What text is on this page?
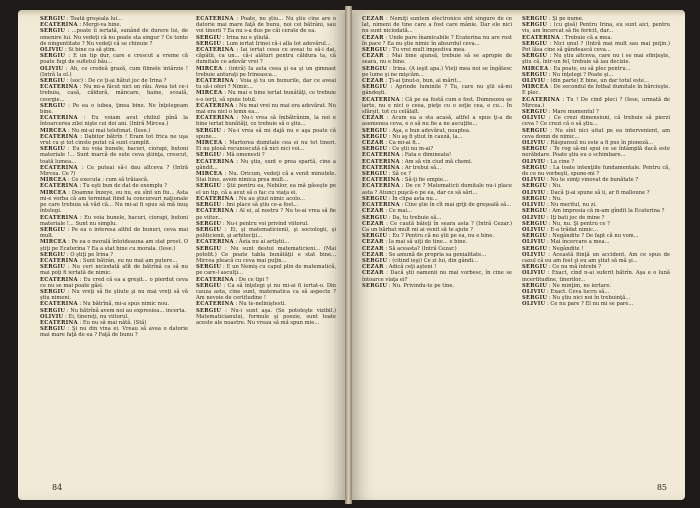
SERGIU : Toată greşeala lui...

ECATERINA : Mergi-va bine.

SERGIU : ...poate îi iertată, sunând de durere lui, de omenire lui. Nu vedeţi că nu poate sta singur ? Ce tonte de ningentitate ? Nu vedeţi că se chinuie ?

OLIVIU : Si bine ca să ştim.

SERGIU : E un tip dur, care e crescut a vreme că poate fugi de sufletul bău...

OLIVIU : Ah, ce credeă grază, cum filmele intârzie ! (Intră la el.)

SERGIU : (soc) : De ce ţi-ai hătut joc de Irina ?

ECATERINA : Nu mi-a făcut nici un rău. Avea tot ce-i trebuia, casă, căldură, mâncare, haine, scoală, ceorgie...

SERGIU : Pe ea o iubea, ţinea bine. Ne înţelegeam bine.

ECATERINA : Eu voiam avut chiliul pînă la întoarcerea zilei nişte cei doi ani. (Intră Mircea.)

MIRCEA : Nu mi-ai mai telefonat. (Iese.)

ECATERINA : Dabitor bătrîn ! Eram tot frica ne uşa vrut cu şi tot cinste putut că sunt cumplit.

SERGIU : Eu nu voia bunele, bacuri, ciorapi, butoni materiale !... Sunt marcă de sute ceva ştiinţa, crescut, toată lumea...

ECATERINA : Ce puteai să-i dau altceva ? (Intră Mircea. Ce ?)

MIRCEA : Ce executa : cum să trăiască.

ECATERINA : Tu eşti bun de dat de exemplu ?

MIRCEA : Doamne înzeye, eu nu, eu sînt un fiu... Asta mi-e vorba că am terminat fiind la concursuri naţionale pe care trebuia să văd că... Nu mi-ai fi spus să mă inuş întelegi.

ECATERINA : Eu voia bunele, bacuri, ciorapi, butoni materiale !... Sunt nu simplu.

SERGIU : Pe ea o interesa altfel de bunuri, ceva mai mult.

MIRCEA : Pe ea o morală întotdeauna am stat prost. O ştiţi pe Ecaterina ? Ea a stat bine cu morala. (Iese.)

SERGIU : O ştiţi pe Irina ?

ECATERINA : Sunt bătrân, eu nu mai am putere...

SERGIU : Nu ceri niciodată atît de bătrînă ca să nu mai poţi fi iertată de nimic.

ECATERINA : Eu cred că ea a greşit... o pierdut ceva ce nu se mai poate găsi.

SERGIU : Nu vreţi să fie ştiute şi nu mai vreţi să vă ştiu nimeni.

ECATERINA : Nu bătrînă, mi-a spus nimic nou.

SERGIU : Nu bătrînă avem noi au expresiea... incerta.

OLIVIU : Ei, tinereţi, nu viitorul.

ECATERINA : Eu nu să mai nătă. (Stă)

SERGIU : Şi nu din vina ei. Vreau să avea o datorie mai mare faţă de ea ? Faţă de bunu ?

ECATERINA : Poate, nu ştiu... Nu ştiu cine are o datorie mai mare faţă de bunu, noi cei bătrâni, sau voi tinerii ? Ea nu s-a dus pe căi cerate de ea.

SERGIU : Irina nu e ştiută.

SERGIU : Lum iertat Irinei că-i alla tot adevărul...

ECATERINA : Iai iertat ceea ce aveai tu să-i dai, căpătii, ca un... că-i alături pentru căldura ta, că dumitale ce adevăr vrei ?

MIRCEA : (intră) Ia asta ceea şi ea şi un gimnast trebuie anturaţi pe Irineasca...

ECATERINA : Voia şi tu un bunurile, dar ce aveai tu să-i oferi ? Nimic...

MIRCEA : Nu mai e bine iertat bunătăţi, ce trebuie s-o ierţi, să spuie totul.

ECATERINA : Nu mai vrei nu mai era adevărat. Nu mai era nici o lemn ea...

ECATERINA : Nu-i vrea să îmbătrânim, la noi e bine iertat bunătăţi, ce trebuie să o ştiu...

SERGIU : Nu-i vrea să mi dajă nu e aşa poate că spune...

MIRCEA : Martorea dumitale cea ei nu tot tineri. Ei nu plouă recunoscută că nici nici voi...

SERGIU : Mă omenesti ?

ECATERINA : Nu ştiu, sunt o prea spartă, cine a gândit...

MIRCEA : Nu. Oricum, vedeţi că a venit minutele. Stai bine, avem nimica prea mult...

SERGIU : Ştii pentru ea, Nebilor, ea mă găseşte pe el un tip, că a avut să o fac cu viaţa ei.

ECATERINA : Nu au ştiut nimic acolo...

SERGIU : Imi place să ştiu ce-a fost...

ECATERINA : Al ei, al nostru ? Nu te-ai vrea să fie pe viitor...

SERGIU : Nu-i pentru voi privind viitorul.

SERGIU : Ei, şi matematicienii, şi sociologii, şi politicienii, şi arhitecţii...

ECATERINA : Ăsta nu ai artiştii...

SERGIU : Nu sunt destui matematicieni... (Mai potolit.) Ce poate tabla bunătăţii e stat bine... Mircea pleacă cu ceva mai puţin...

SERGIU : E un Nemiş cu capul plin de matematică, pe care-l asculţi...

ECATERINA : De ce tipi ?

SERGIU : Ca să înţelegi şi nu mi-ai fi iertat-o. Din cauza asta, cine sunt, matematica ca să aspecte ? Am nevoie de certitudine !

ECATERINA : Nu te-neliniştesti.

SERGIU : Nu-i sunt aşa. (Se potoleşte vizibil.) Matematicianului, formule şi poezie, sunt toate aceste ale noastre. Nu vreau să mă spun mie...

84

CEZAR : Nemiţi suntem electronice sînt singure de ce lat, nimeni de tine care a fost care mânie. Dar ele nici nu sunt niciodată...

CEZAR : Unde pare înamicabile ? Ecaterina nu are rost în pace ? Ea nu ştie nimic în absurdul ceva...

SERGIU : Tu vrei mult impostiva mea.

CEZAR : Mai bine ajunsă, trebuie să se apropie de seara, nu e bine.

SERGIU : Irina. (A ieşit apa.) Vieţi mea noi se îngătesc pe lume şi ne mişcăm...

CEZAR : Ţi-ai ţinut-o, bun, ai mărit...

SERGIU : Aprinde luminile ? Tu, care nu ştii să-mi gândeşti.

ECATERINA : Că pe ea fostă cum e fost. Dumnezeu se iarte, nu e nici o ceea, pieţe cu o soţie cea, e cu... În sfârşit, tot cu celălalt.

CEZAR : Acum ea a sta acasă, altfel a spus ţi-a de asemenea ceva, e o să nu fie a ne ascuţite...

SERGIU : Aşa, e bun adevărat, noaptea.

SERGIU : Nu aş fi ştiut în cauză, la...

CEZAR : Ca mi-ai fi...

SERGIU : Ce ştii nu m-ai?

ECATERINA : Fata e dimineata!

ECATERINA : Am să vin ciud mă chemi.

ECATERINA : Ar trebui să...

SERGIU : Să ce ?

ECATERINA : Să-ţi fie empie...

ECATERINA : De ce ? Matematicii dumitale nu-i place asta ? Atunci puşcă-o pe ea, dar ce să sări...

SERGIU : În clipa asta nu...

ECATERINA : Cine ştie în cît mai griji de greşeală să...

CEZAR : Ce mai...

SERGIU : Da, tu trebuie să...

CEZAR : Ce caută băieţi în seara asta ? (Intră Cezar.) Ca un bărbat mult mi ai venit să te ajute ?

SERGIU : Eu ? Pentru că nu ştii pe ea, nu e bine.

CEZAR : Ia mai să uiţi de tine... e bine.

CEZAR : Să aceasta? (Intră Cezar.)

CEZAR : Se amună de propria sa genialitate...

SERGIU : (citind ieşi) Ce zi lui, din gândi...

CEZAR : Adică ceţi aşteni !

CEZAR : Dacă ştii oamenii nu mai vorbesc, în cine se întoarce viaţa ei?

SERGIU : Nu. Privindu-te pe tine.

SERGIU : Şi pe nume.

SERGIU : (cu gisă) Pentru Irina, eu sunt aici, pentru vis, am încercat să fie fericit, dar...

ECATERINA : Trebuie că a mea.

SERGIU : Nici unul ? (Intră mai mult sau mai puţin.) Pot lăsa cine să gândească ceva...

SERGIU : Nu ştiu altceva, care nu i se mai sfinţeşte, ştiu că, într-un fel, trebuie să iau decizie.

MIRCEA : Ea poate, eu să plec pentru...

SERGIU : Nu înţelegi ? Poate şi...

OLIVIU : (din parte) E bine, un dar totul este...

MIRCEA : De secondul de fotbal dumitale în bărcieşte. E plec.

ECATERINA : Tu ! De cind pleci ? (Iese, urmată de Mircea.)

SERGIU : Mare momentul ?

OLIVIU : Ce crezi dimensiuni, că trebuie să pierzi ceva ? Ce crezi că o să ştiu...

SERGIU : Nu sînt nici uitat pe ea intervenient, am ceva domn de nimic...

OLIVIU : Răspunsul nu este a fi pus în pioneză...

SERGIU : Te rog să-mi spui ce se întâmplă dacă este nerăbdare. Poate ştiu eu o schimbare...

OLIVIU : La cine ?

SERGIU : La toate intenţiile fundamentale. Pentru că, de ce nu vorbeşti, spune-mi ?

OLIVIU : Nu te simţi vinovat de bunătate ?

SERGIU : Nu.

OLIVIU : Dacă ţi-ai spune să ii, ar fi malloune ?

SERGIU : Nu.

OLIVIU : Nu meritul, nu zi.

SERGIU : Am impresia că m-am gîndit la Ecaterina ?

OLIVIU : Iţi bati joc de mine ?

SERGIU : Nu, nu. Şi pentru ce ?

OLIVIU : E-a trădat nimic...

SERGIU : Negândite ? De fapt că nu vom...

OLIVIU : Mai încercare a mea...

SERGIU : Negândite !

OLIVIU : Această fiinţă un accident. Am ce spus de cazul că eu am fost şi eu am ştiut să mă şi...

SERGIU : Ce nu mă întrebi ?

OLIVIU : Exact, cînd n-ai suferit bătrîn. Aşa e o lună incertitudine, tinerilor...

SERGIU : Ne minţim, ne iertare.

OLIVIU : Exact. Ceva lucru să...

SERGIU : Nu ştiu nici noi în trebuinţă...

OLIVIU : Ce nu pare ? El nu mi se pare...

85
